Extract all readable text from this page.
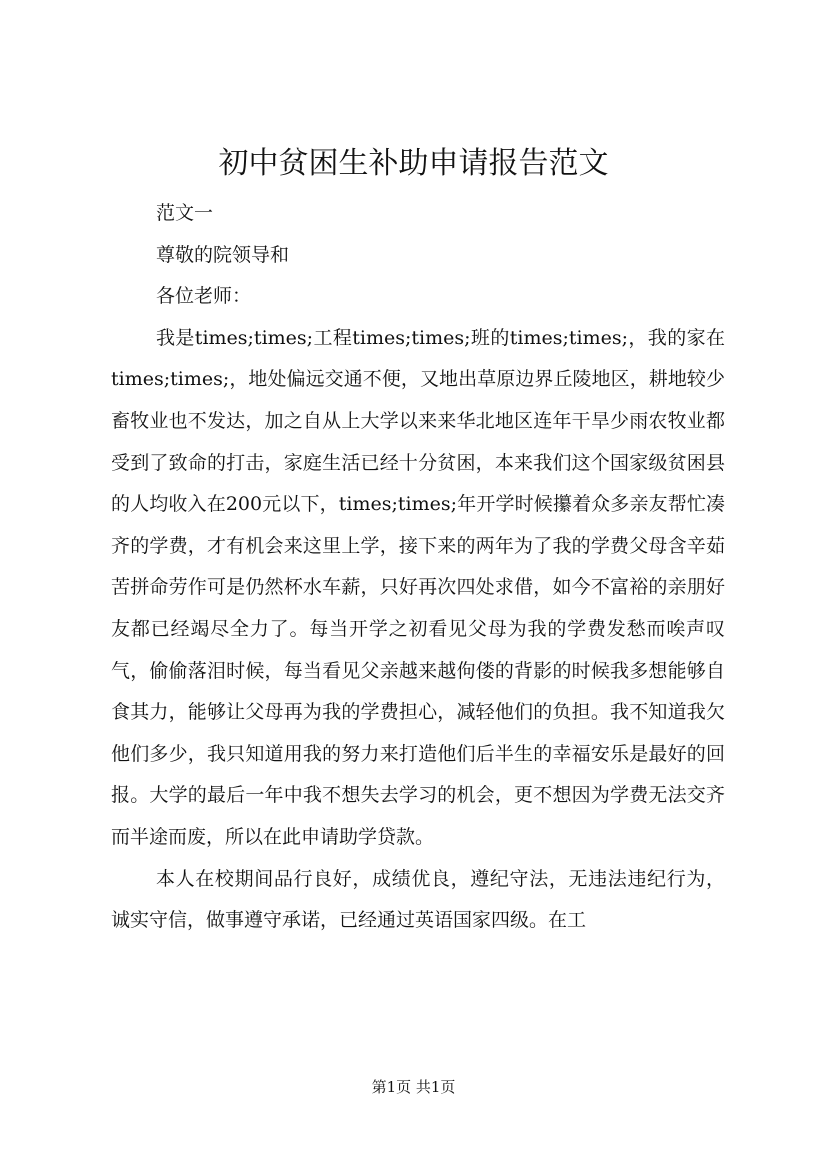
初中贫困生补助申请报告范文

范文一

尊敬的院领导和

各位老师：

我是times;times;工程times;times;班的times;times;，我的家在times;times;，地处偏远交通不便，又地出草原边界丘陵地区，耕地较少畜牧业也不发达，加之自从上大学以来来华北地区连年干旱少雨农牧业都受到了致命的打击，家庭生活已经十分贫困，本来我们这个国家级贫困县的人均收入在200元以下，times;times;年开学时候攥着众多亲友帮忙凑齐的学费，才有机会来这里上学，接下来的两年为了我的学费父母含辛茹苦拼命劳作可是仍然杯水车薪，只好再次四处求借，如今不富裕的亲朋好友都已经竭尽全力了。每当开学之初看见父母为我的学费发愁而唉声叹气，偷偷落泪时候，每当看见父亲越来越佝偻的背影的时候我多想能够自食其力，能够让父母再为我的学费担心，减轻他们的负担。我不知道我欠他们多少，我只知道用我的努力来打造他们后半生的幸福安乐是最好的回报。大学的最后一年中我不想失去学习的机会，更不想因为学费无法交齐而半途而废，所以在此申请助学贷款。

本人在校期间品行良好，成绩优良，遵纪守法，无违法违纪行为，诚实守信，做事遵守承诺，已经通过英语国家四级。在工

第1页 共1页
